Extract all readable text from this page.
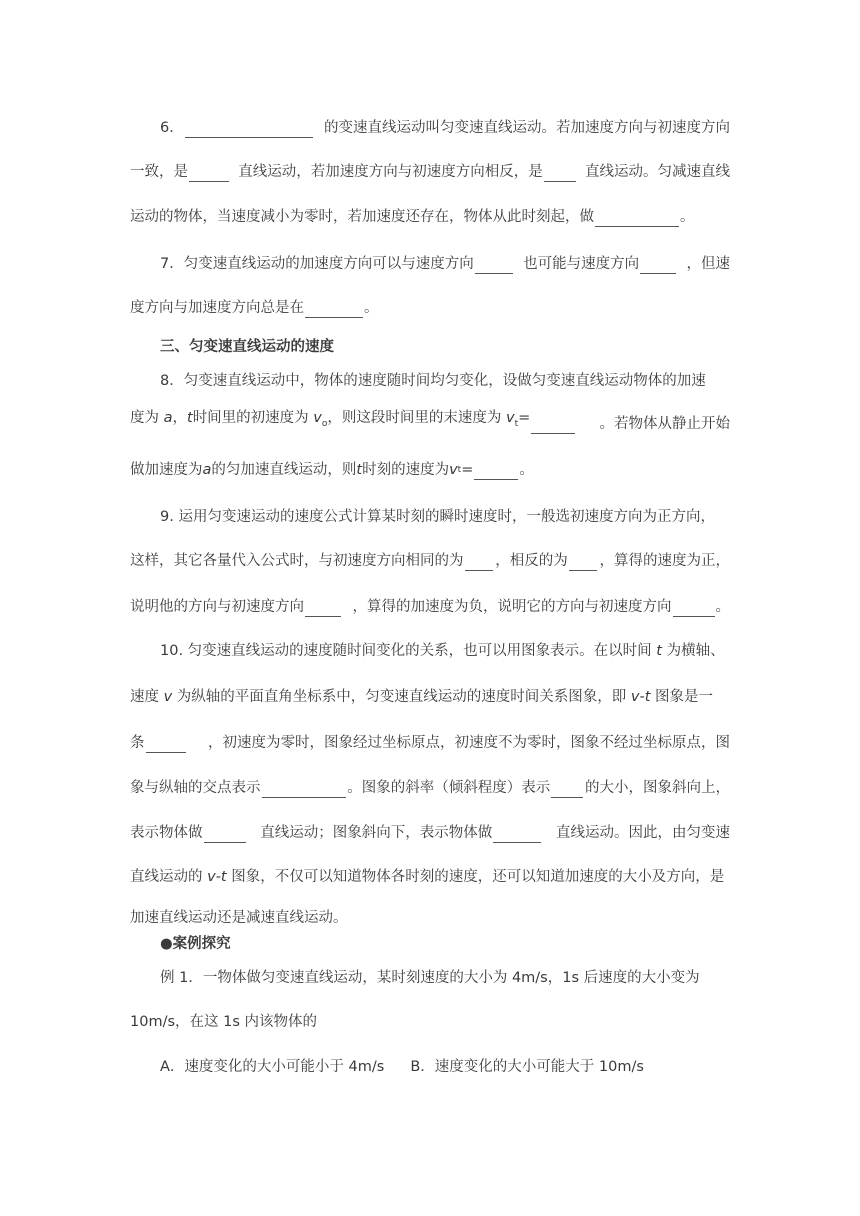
6．	的变速直线运动叫匀变速直线运动。若加速度方向与初速度方向
一致，是	直线运动，若加速度方向与初速度方向相反，是	直线运动。匀减速直线
运动的物体，当速度减小为零时，若加速度还存在，物体从此时刻起，做	。
7．匀变速直线运动的加速度方向可以与速度方向	也可能与速度方向	，但速
度方向与加速度方向总是在	。
三、匀变速直线运动的速度
8．匀变速直线运动中，物体的速度随时间均匀变化，设做匀变速直线运动物体的加速
度为 a，t时间里的初速度为 $v_o$，则这段时间里的末速度为 $v_t=$	。若物体从静止开始
做加速度为 a 的匀加速直线运动，则 t 时刻的速度为 v t =	。
9. 运用匀变速运动的速度公式计算某时刻的瞬时速度时，一般选初速度方向为正方向，
这样，其它各量代入公式时，与初速度方向相同的为	，相反的为	，算得的速度为正，
说明他的方向与初速度方向	，算得的加速度为负，说明它的方向与初速度方向	。
10. 匀变速直线运动的速度随时间变化的关系，也可以用图象表示。在以时间 t 为横轴、
速度 v 为纵轴的平面直角坐标系中，匀变速直线运动的速度时间关系图象，即 v-t 图象是一
条	，初速度为零时，图象经过坐标原点，初速度不为零时，图象不经过坐标原点，图
象与纵轴的交点表示	。图象的斜率（倾斜程度）表示	的大小，图象斜向上，
表示物体做	直线运动；图象斜向下，表示物体做	直线运动。因此，由匀变速
直线运动的 v-t 图象，不仅可以知道物体各时刻的速度，还可以知道加速度的大小及方向，是
加速直线运动还是减速直线运动。
●案例探究
例 1．一物体做匀变速直线运动，某时刻速度的大小为 4m/s，1s 后速度的大小变为
10m/s，在这 1s 内该物体的
A．速度变化的大小可能小于 4m/s B．速度变化的大小可能大于 10m/s
